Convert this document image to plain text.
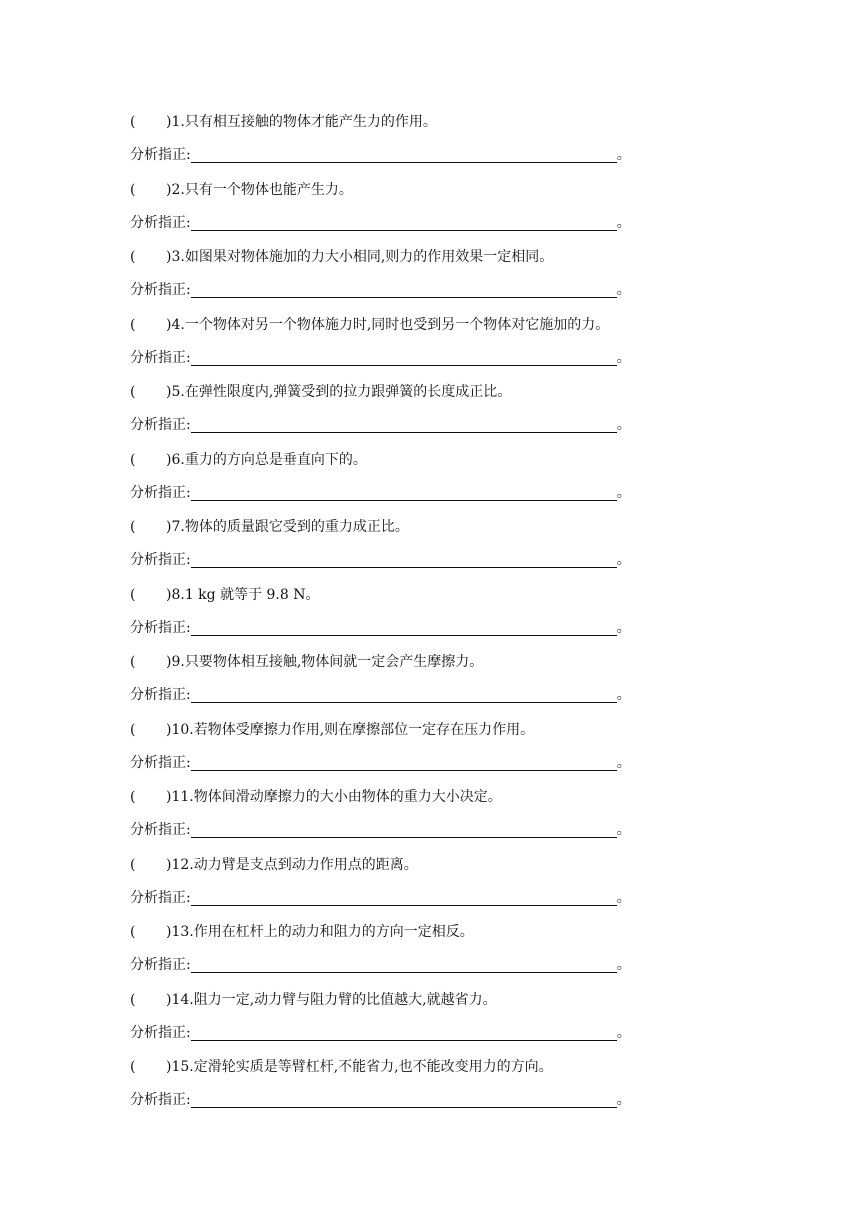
( )1.只有相互接触的物体才能产生力的作用。
分析指正:	。
( )2.只有一个物体也能产生力。
分析指正:	。
( )3.如图果对物体施加的力大小相同,则力的作用效果一定相同。
分析指正:	。
( )4.一个物体对另一个物体施力时,同时也受到另一个物体对它施加的力。
分析指正:	。
( )5.在弹性限度内,弹簧受到的拉力跟弹簧的长度成正比。
分析指正:	。
( )6.重力的方向总是垂直向下的。
分析指正:	。
( )7.物体的质量跟它受到的重力成正比。
分析指正:	。
( )8.1 kg 就等于 9.8 N。
分析指正:	。
( )9.只要物体相互接触,物体间就一定会产生摩擦力。
分析指正:	。
( )10.若物体受摩擦力作用,则在摩擦部位一定存在压力作用。
分析指正:	。
( )11.物体间滑动摩擦力的大小由物体的重力大小决定。
分析指正:	。
( )12.动力臂是支点到动力作用点的距离。
分析指正:	。
( )13.作用在杠杆上的动力和阻力的方向一定相反。
分析指正:	。
( )14.阻力一定,动力臂与阻力臂的比值越大,就越省力。
分析指正:	。
( )15.定滑轮实质是等臂杠杆,不能省力,也不能改变用力的方向。
分析指正:	。
